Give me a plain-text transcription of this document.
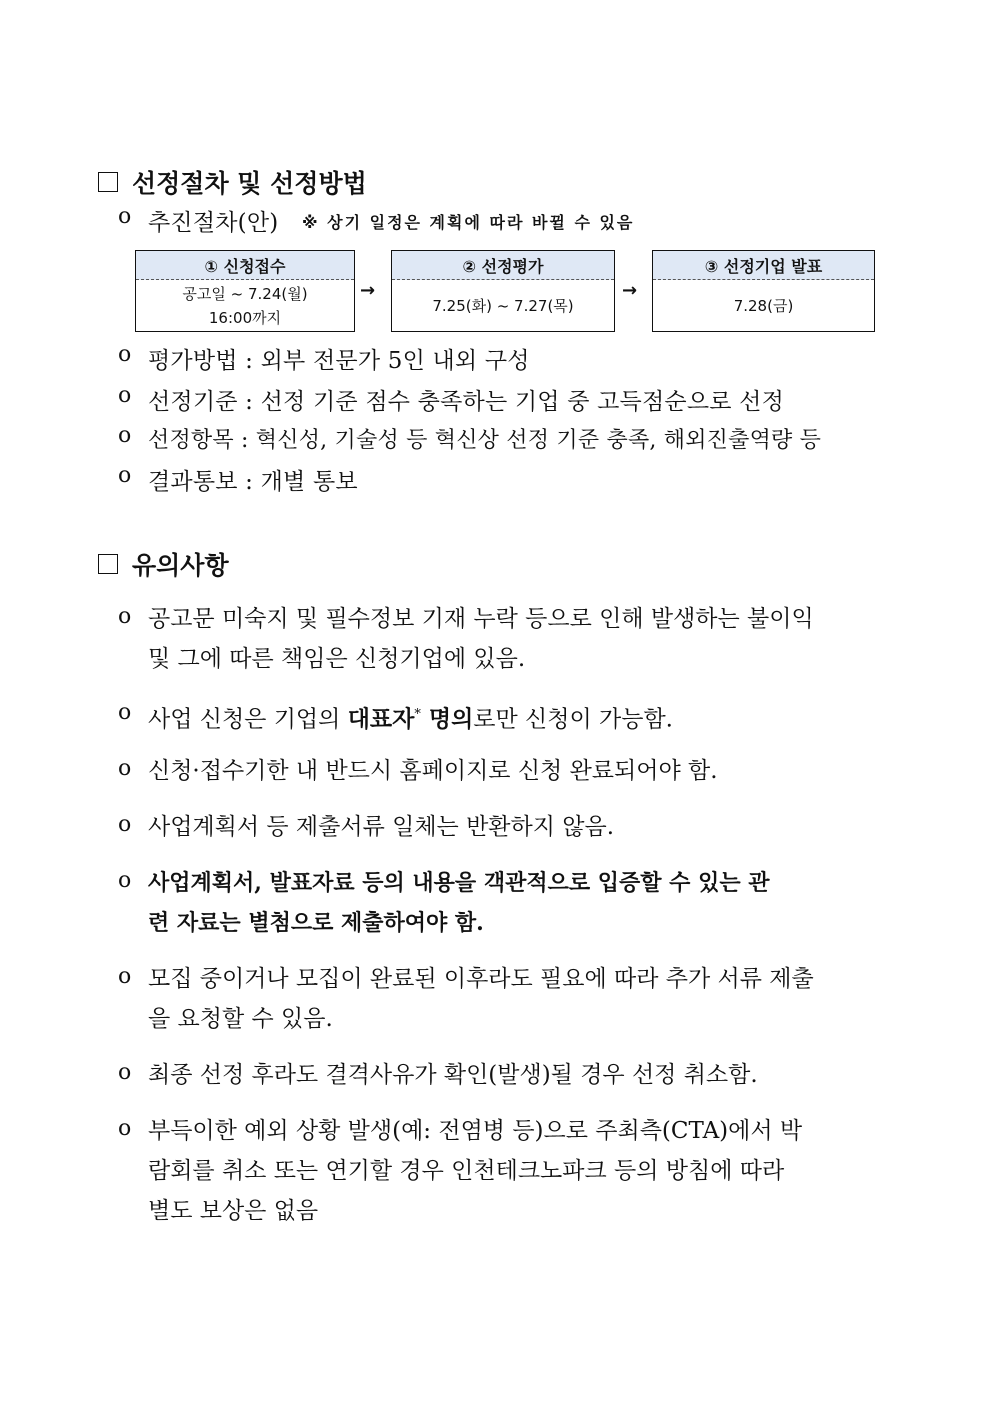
선정절차 및 선정방법
o 추진절차(안) ※ 상기 일정은 계획에 따라 바뀔 수 있음
① 신청접수
공고일 ~ 7.24(월)
16:00까지
→
② 선정평가
7.25(화) ~ 7.27(목)
→
③ 선정기업 발표
7.28(금)
o 평가방법 : 외부 전문가 5인 내외 구성
o 선정기준 : 선정 기준 점수 충족하는 기업 중 고득점순으로 선정
o 선정항목 : 혁신성, 기술성 등 혁신상 선정 기준 충족, 해외진출역량 등
o 결과통보 : 개별 통보
유의사항
o 공고문 미숙지 및 필수정보 기재 누락 등으로 인해 발생하는 불이익
및 그에 따른 책임은 신청기업에 있음.
o 사업 신청은 기업의 대표자* 명의로만 신청이 가능함.
o 신청·접수기한 내 반드시 홈페이지로 신청 완료되어야 함.
o 사업계획서 등 제출서류 일체는 반환하지 않음.
o 사업계획서, 발표자료 등의 내용을 객관적으로 입증할 수 있는 관
련 자료는 별첨으로 제출하여야 함.
o 모집 중이거나 모집이 완료된 이후라도 필요에 따라 추가 서류 제출
을 요청할 수 있음.
o 최종 선정 후라도 결격사유가 확인(발생)될 경우 선정 취소함.
o 부득이한 예외 상황 발생(예: 전염병 등)으로 주최측(CTA)에서 박
람회를 취소 또는 연기할 경우 인천테크노파크 등의 방침에 따라
별도 보상은 없음
